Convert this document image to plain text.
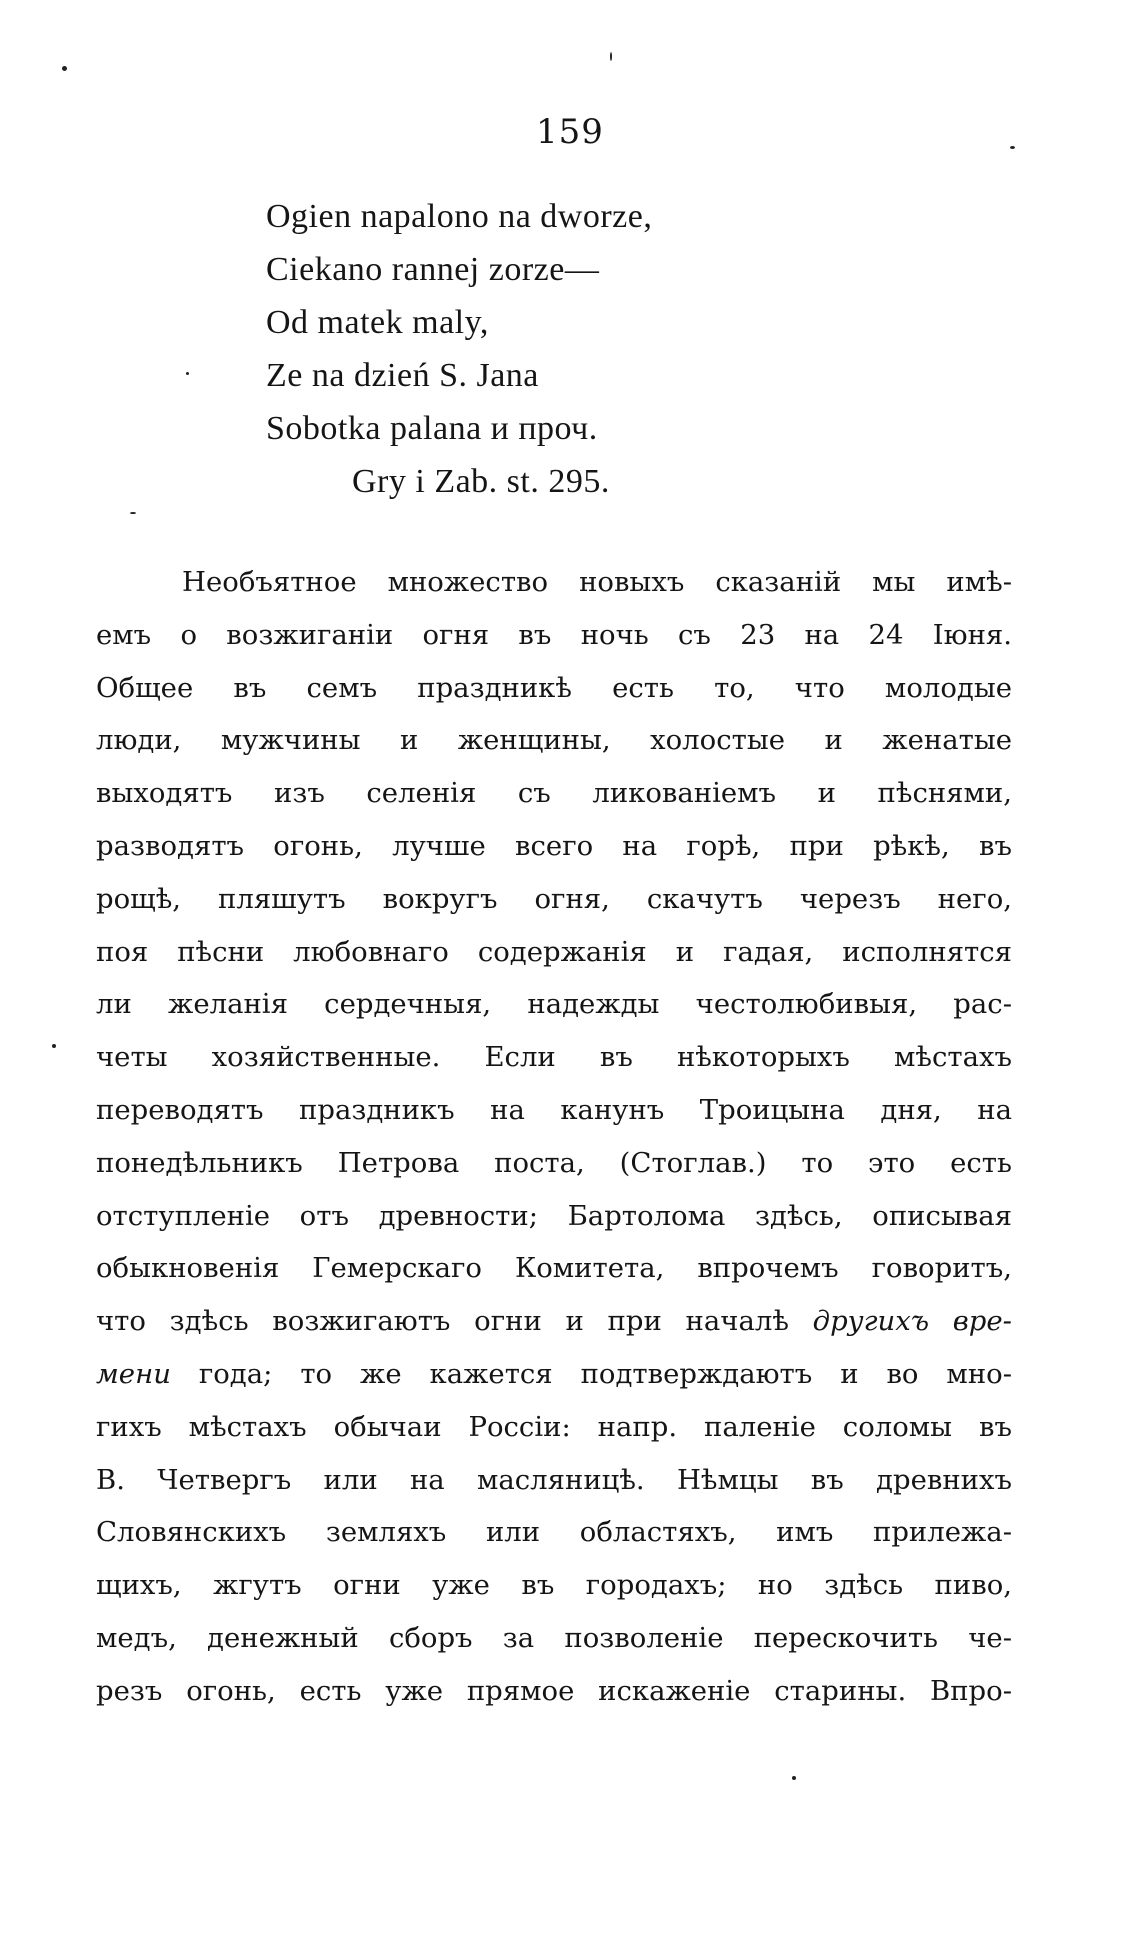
159
Ogien napalono na dworze,
Ciekano rannej zorze—
Od matek maly,
Ze na dzień S. Jana
Sobotka palana и проч.
Gry i Zab. st. 295.
Необъятное множество новыхъ сказаній мы имѣ-
емъ о возжиганіи огня въ ночь съ 23 на 24 Іюня.
Общее въ семъ праздникѣ есть то, что молодые
люди, мужчины и женщины, холостые и женатые
выходятъ изъ селенія съ ликованіемъ и пѣснями,
разводятъ огонь, лучше всего на горѣ, при рѣкѣ, въ
рощѣ, пляшутъ вокругъ огня, скачутъ черезъ него,
поя пѣсни любовнаго содержанія и гадая, исполнятся
ли желанія сердечныя, надежды честолюбивыя, рас-
четы хозяйственные. Если въ нѣкоторыхъ мѣстахъ
переводятъ праздникъ на канунъ Троицына дня, на
понедѣльникъ Петрова поста, (Стоглав.) то это есть
отступленіе отъ древности; Бартолома здѣсь, описывая
обыкновенія Гемерскаго Комитета, впрочемъ говоритъ,
что здѣсь возжигаютъ огни и при началѣ другихъ вре-
мени года; то же кажется подтверждаютъ и во мно-
гихъ мѣстахъ обычаи Россіи: напр. паленіе соломы въ
В. Четвергъ или на масляницѣ. Нѣмцы въ древнихъ
Словянскихъ земляхъ или областяхъ, имъ прилежа-
щихъ, жгутъ огни уже въ городахъ; но здѣсь пиво,
медъ, денежный сборъ за позволеніе перескочить че-
резъ огонь, есть уже прямое искаженіе старины. Впро-
